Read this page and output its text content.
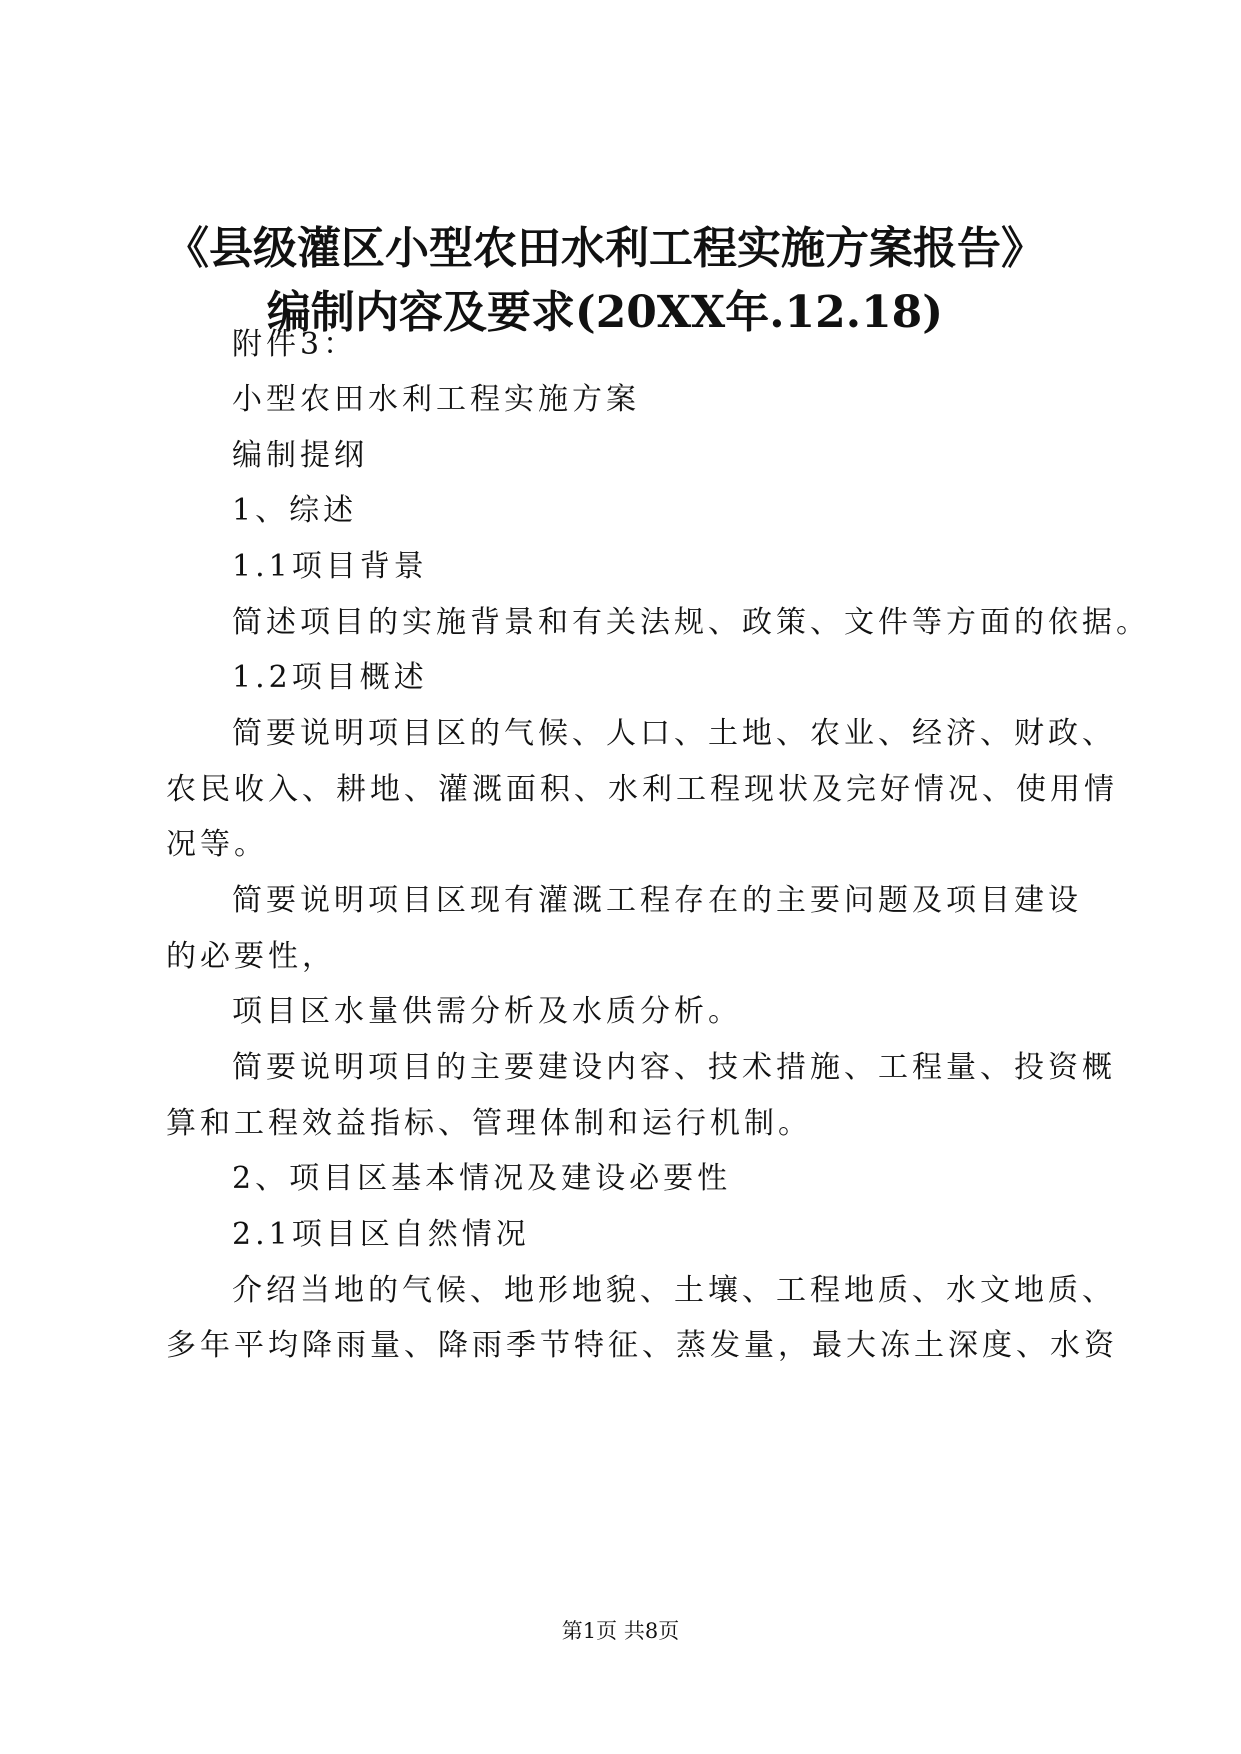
《县级灌区小型农田水利工程实施方案报告》
编制内容及要求(20XX年.12.18)
附件3：
小型农田水利工程实施方案
编制提纲
1、综述
1.1项目背景
简述项目的实施背景和有关法规、政策、文件等方面的依据。
1.2项目概述
简要说明项目区的气候、人口、土地、农业、经济、财政、
农民收入、耕地、灌溉面积、水利工程现状及完好情况、使用情
况等。
简要说明项目区现有灌溉工程存在的主要问题及项目建设
的必要性，
项目区水量供需分析及水质分析。
简要说明项目的主要建设内容、技术措施、工程量、投资概
算和工程效益指标、管理体制和运行机制。
2、项目区基本情况及建设必要性
2.1项目区自然情况
介绍当地的气候、地形地貌、土壤、工程地质、水文地质、
多年平均降雨量、降雨季节特征、蒸发量，最大冻土深度、水资
第1页 共8页
